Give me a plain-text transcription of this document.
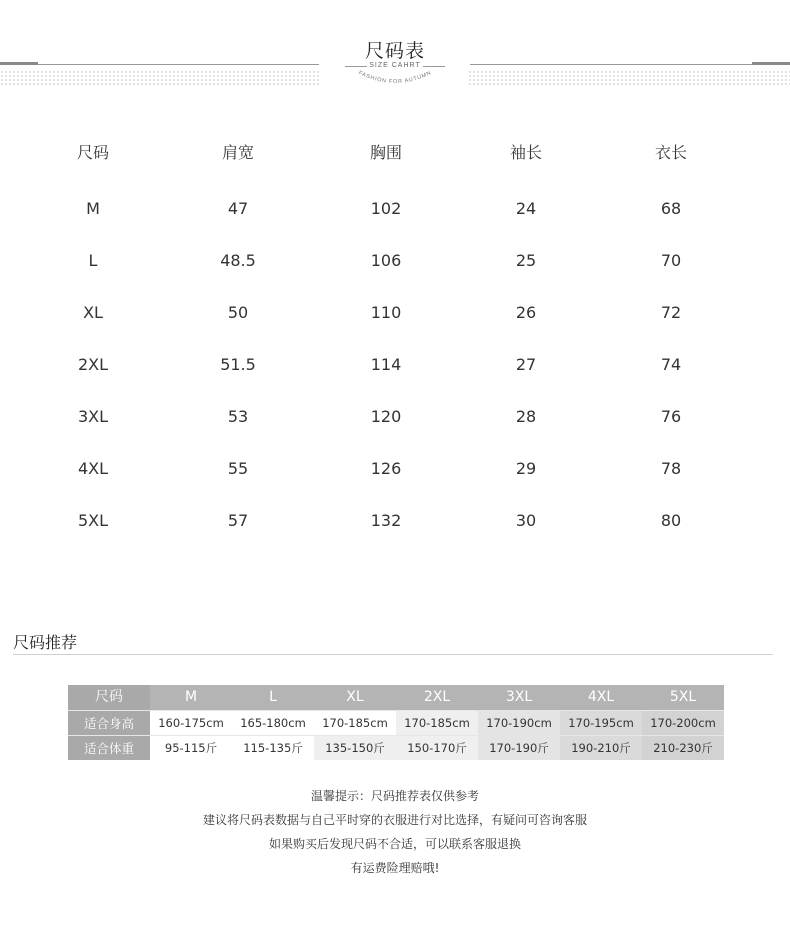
尺码表
SIZE CAHRT
FASHION FOR AUTUMN
尺码	肩宽	胸围	袖长	衣长
M	47	102	24	68
L	48.5	106	25	70
XL	50	110	26	72
2XL	51.5	114	27	74
3XL	53	120	28	76
4XL	55	126	29	78
5XL	57	132	30	80
尺码推荐
尺码	M	L	XL	2XL	3XL	4XL	5XL
适合身高	160-175cm	165-180cm	170-185cm	170-185cm	170-190cm	170-195cm	170-200cm
适合体重	95-115斤	115-135斤	135-150斤	150-170斤	170-190斤	190-210斤	210-230斤
温馨提示：尺码推荐表仅供参考
建议将尺码表数据与自己平时穿的衣服进行对比选择，有疑问可咨询客服
如果购买后发现尺码不合适，可以联系客服退换
有运费险理赔哦!
